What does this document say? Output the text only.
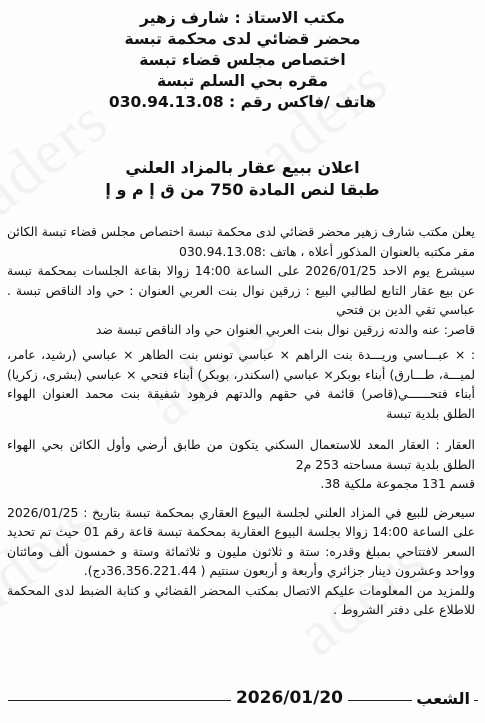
مكتب الاستاذ : شارف زهير
محضر قضائي لدى محكمة تبسة
اختصاص مجلس قضاء تبسة
مقره بحي السلم تبسة
هاتف /فاكس رقم : 030.94.13.08
اعلان ببيع عقار بالمزاد العلني
طبقا لنص المادة 750 من ق إ م و إ

يعلن مكتب شارف زهير محضر قضائي لدى محكمة تبسة اختصاص مجلس قضاء تبسة الكائن مقر مكتبه بالعنوان المذكور أعلاه ، هاتف :030.94.13.08

سيشرع يوم الاحد 2026/01/25 على الساعة 14:00 زوالا بقاعة الجلسات بمحكمة تبسة عن بيع عقار التابع لطالبي البيع : زرقين نوال بنت العربي العنوان : حي واد الناقص تبسة . عباسي تقي الدين بن فتحي

قاصر: عنه والدته زرقين نوال بنت العربي العنوان حي واد الناقص تبسة ضد

: × عبـــاسي وريـــدة بنت الراهم × عباسي تونس بنت الطاهر × عباسي (رشيد، عامر، لميـــة، طـــارق) أبناء بوبكر× عباسي (اسكندر، بوبكر) أبناء فتحي × عباسي (بشرى، زكريا) أبناء فتحــــــي(قاصر) قائمة في حقهم والدتهم فرهود شفيقة بنت محمد العنوان الهواء الطلق بلدية تبسة

العقار : العقار المعد للاستعمال السكني يتكون من طابق أرضي وأول الكائن بحي الهواء الطلق بلدية تبسة مساحته 253 م2

قسم 131 مجموعة ملكية 38.

سيعرض للبيع في المزاد العلني لجلسة البيوع العقاري بمحكمة تبسة بتاريخ : 2026/01/25 على الساعة 14:00 زوالا بجلسة البيوع العقارية بمحكمة تبسة قاعة رقم 01 حيث تم تحديد السعر لافتتاحي بمبلغ وقدره: ستة و ثلاثون مليون و ثلاثمائة وستة و خمسون ألف ومائتان وواحد وعشرون دينار جزائري وأربعة و أربعون سنتيم ( 36.356.221.44دج).

وللمزيد من المعلومات عليكم الاتصال بمكتب المحضر القضائي و كتابة الضبط لدى المحكمة للاطلاع على دفتر الشروط .

الشعب
2026/01/20
